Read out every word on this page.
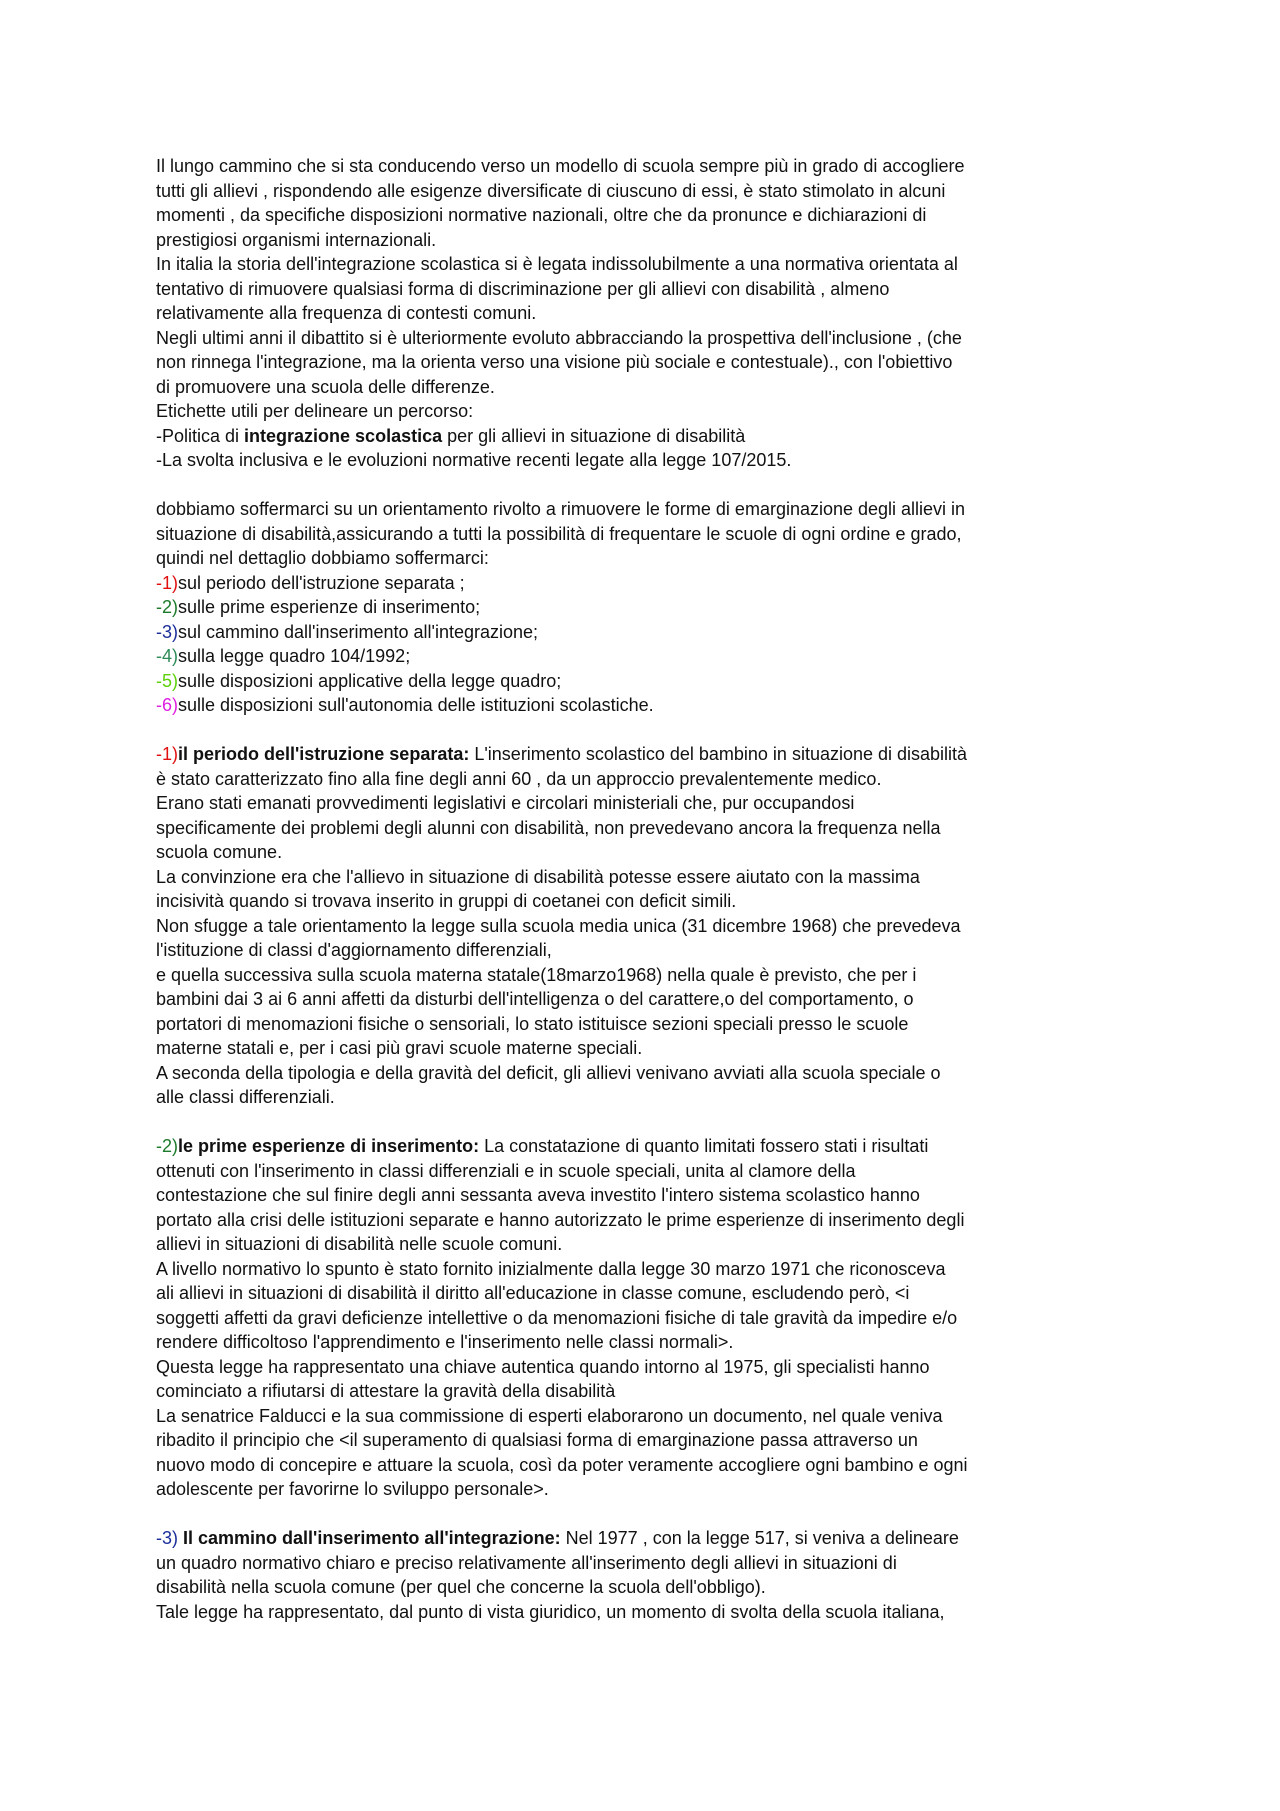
Il lungo cammino che si sta conducendo verso un modello di scuola sempre più in grado di accogliere
tutti gli allievi , rispondendo alle esigenze diversificate di ciuscuno di essi, è stato stimolato in alcuni
momenti , da specifiche disposizioni normative nazionali, oltre che da pronunce e dichiarazioni di
prestigiosi organismi internazionali.
In italia la storia dell'integrazione scolastica si è legata indissolubilmente a una normativa orientata al
tentativo di rimuovere qualsiasi forma di discriminazione per gli allievi con disabilità , almeno
relativamente alla frequenza di contesti comuni.
Negli ultimi anni il dibattito si è ulteriormente evoluto abbracciando la prospettiva dell'inclusione , (che
non rinnega l'integrazione, ma la orienta verso una visione più sociale e contestuale)., con l'obiettivo
di promuovere una scuola delle differenze.
Etichette utili per delineare un percorso:
-Politica di integrazione scolastica per gli allievi in situazione di disabilità
-La svolta inclusiva e le evoluzioni normative recenti legate alla legge 107/2015.
dobbiamo soffermarci su un orientamento rivolto a rimuovere le forme di emarginazione degli allievi in
situazione di disabilità,assicurando a tutti la possibilità di frequentare le scuole di ogni ordine e grado,
quindi nel dettaglio dobbiamo soffermarci:
-1)sul periodo dell'istruzione separata ;
-2)sulle prime esperienze di inserimento;
-3)sul cammino dall'inserimento all'integrazione;
-4)sulla legge quadro 104/1992;
-5)sulle disposizioni applicative della legge quadro;
-6)sulle disposizioni sull'autonomia delle istituzioni scolastiche.
-1)il periodo dell'istruzione separata: L'inserimento scolastico del bambino in situazione di disabilità
è stato caratterizzato fino alla fine degli anni 60 , da un approccio prevalentemente medico.
Erano stati emanati provvedimenti legislativi e circolari ministeriali che, pur occupandosi
specificamente dei problemi degli alunni con disabilità, non prevedevano ancora la frequenza nella
scuola comune.
La convinzione era che l'allievo in situazione di disabilità potesse essere aiutato con la massima
incisività quando si trovava inserito in gruppi di coetanei con deficit simili.
Non sfugge a tale orientamento la legge sulla scuola media unica (31 dicembre 1968) che prevedeva
l'istituzione di classi d'aggiornamento differenziali,
e quella successiva sulla scuola materna statale(18marzo1968) nella quale è previsto, che per i
bambini dai 3 ai 6 anni affetti da disturbi dell'intelligenza o del carattere,o del comportamento, o
portatori di menomazioni fisiche o sensoriali, lo stato istituisce sezioni speciali presso le scuole
materne statali e, per i casi più gravi scuole materne speciali.
A seconda della tipologia e della gravità del deficit, gli allievi venivano avviati alla scuola speciale o
alle classi differenziali.
-2)le prime esperienze di inserimento: La constatazione di quanto limitati fossero stati i risultati
ottenuti con l'inserimento in classi differenziali e in scuole speciali, unita al clamore della
contestazione che sul finire degli anni sessanta aveva investito l'intero sistema scolastico hanno
portato alla crisi delle istituzioni separate e hanno autorizzato le prime esperienze di inserimento degli
allievi in situazioni di disabilità nelle scuole comuni.
A livello normativo lo spunto è stato fornito inizialmente dalla legge 30 marzo 1971 che riconosceva
ali allievi in situazioni di disabilità il diritto all'educazione in classe comune, escludendo però, <i
soggetti affetti da gravi deficienze intellettive o da menomazioni fisiche di tale gravità da impedire e/o
rendere difficoltoso l'apprendimento e l'inserimento nelle classi normali>.
Questa legge ha rappresentato una chiave autentica quando intorno al 1975, gli specialisti hanno
cominciato a rifiutarsi di attestare la gravità della disabilità
La senatrice Falducci e la sua commissione di esperti elaborarono un documento, nel quale veniva
ribadito il principio che <il superamento di qualsiasi forma di emarginazione passa attraverso un
nuovo modo di concepire e attuare la scuola, così da poter veramente accogliere ogni bambino e ogni
adolescente per favorirne lo sviluppo personale>.
-3) Il cammino dall'inserimento all'integrazione: Nel 1977 , con la legge 517, si veniva a delineare
un quadro normativo chiaro e preciso relativamente all'inserimento degli allievi in situazioni di
disabilità nella scuola comune (per quel che concerne la scuola dell'obbligo).
Tale legge ha rappresentato, dal punto di vista giuridico, un momento di svolta della scuola italiana,
